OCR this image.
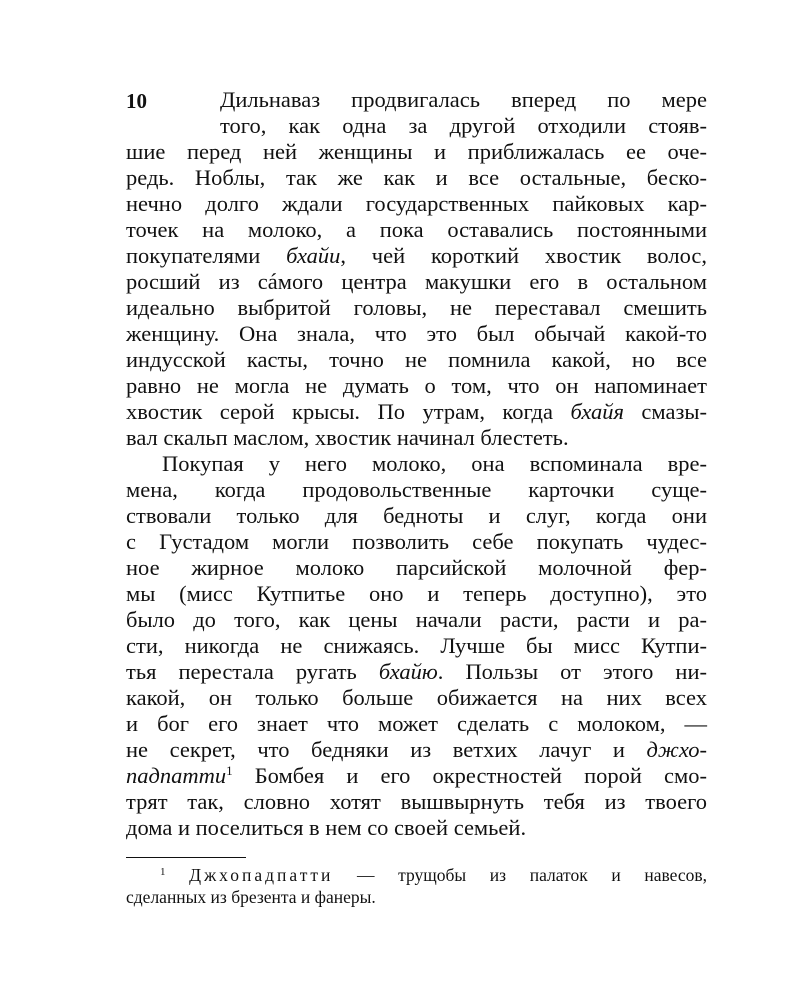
10	Дильнаваз продвигалась вперед по мере
того, как одна за другой отходили стояв-
шие перед ней женщины и приближалась ее оче-
редь. Ноблы, так же как и все остальные, беско-
нечно долго ждали государственных пайковых кар-
точек на молоко, а пока оставались постоянными
покупателями бхайи, чей короткий хвостик волос,
росший из cáмого центра макушки его в остальном
идеально выбритой головы, не переставал смешить
женщину. Она знала, что это был обычай какой-то
индусской касты, точно не помнила какой, но все
равно не могла не думать о том, что он напоминает
хвостик серой крысы. По утрам, когда бхайя смазы-
вал скальп маслом, хвостик начинал блестеть.
Покупая у него молоко, она вспоминала вре-
мена, когда продовольственные карточки суще-
ствовали только для бедноты и слуг, когда они
с Густадом могли позволить себе покупать чудес-
ное жирное молоко парсийской молочной фер-
мы (мисс Кутпитье оно и теперь доступно), это
было до того, как цены начали расти, расти и ра-
сти, никогда не снижаясь. Лучше бы мисс Кутпи-
тья перестала ругать бхайю. Пользы от этого ни-
какой, он только больше обижается на них всех
и бог его знает что может сделать с молоком, —
не секрет, что бедняки из ветхих лачуг и джхо-
падпатти$^1$ Бомбея и его окрестностей порой смо-
трят так, словно хотят вышвырнуть тебя из твоего
дома и поселиться в нем со своей семьей.
$^1$ Джхопадпатти — трущобы из палаток и навесов,
сделанных из брезента и фанеры.
